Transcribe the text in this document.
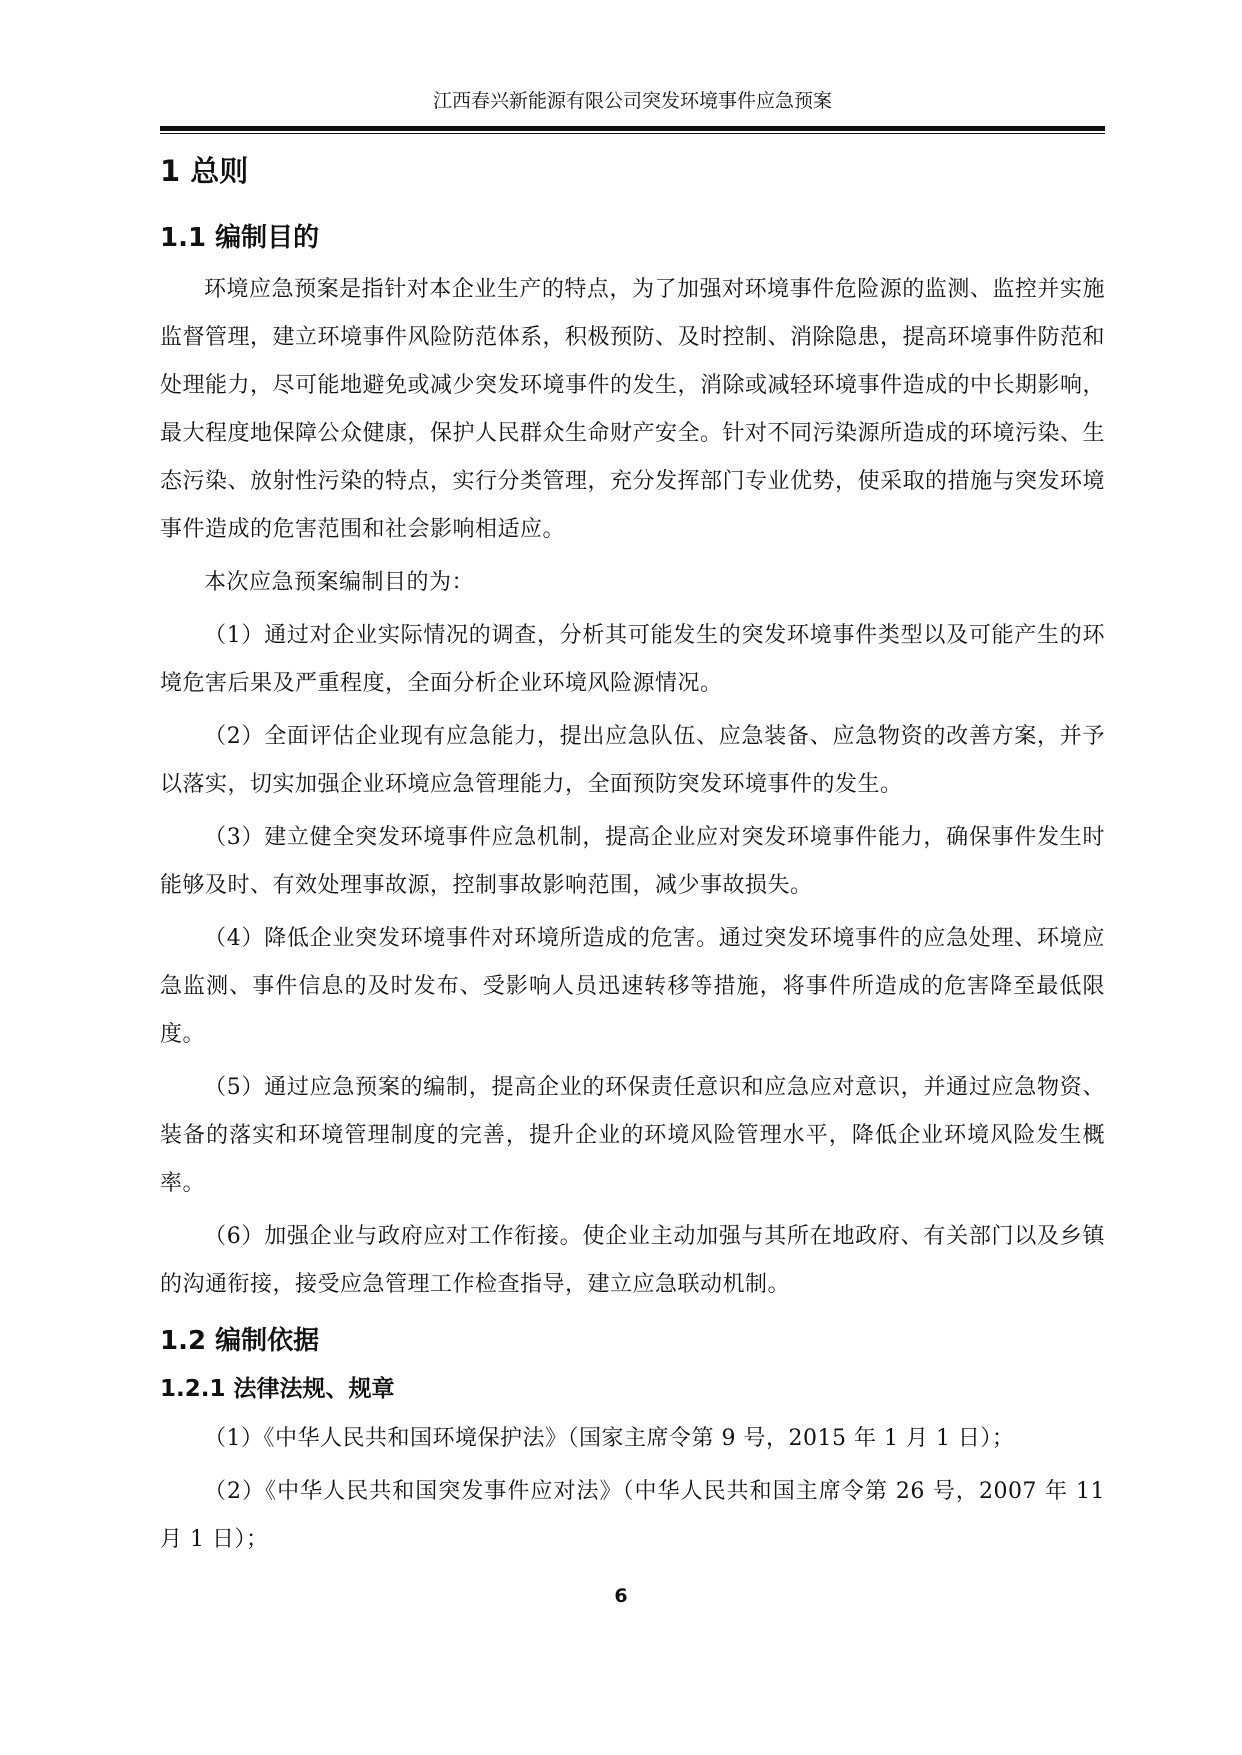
江西春兴新能源有限公司突发环境事件应急预案
1 总则
1.1 编制目的

环境应急预案是指针对本企业生产的特点，为了加强对环境事件危险源的监测、监控并实施监督管理，建立环境事件风险防范体系，积极预防、及时控制、消除隐患，提高环境事件防范和处理能力，尽可能地避免或减少突发环境事件的发生，消除或减轻环境事件造成的中长期影响，最大程度地保障公众健康，保护人民群众生命财产安全。针对不同污染源所造成的环境污染、生态污染、放射性污染的特点，实行分类管理，充分发挥部门专业优势，使采取的措施与突发环境事件造成的危害范围和社会影响相适应。

本次应急预案编制目的为：

（1）通过对企业实际情况的调查，分析其可能发生的突发环境事件类型以及可能产生的环境危害后果及严重程度，全面分析企业环境风险源情况。

（2）全面评估企业现有应急能力，提出应急队伍、应急装备、应急物资的改善方案，并予以落实，切实加强企业环境应急管理能力，全面预防突发环境事件的发生。

（3）建立健全突发环境事件应急机制，提高企业应对突发环境事件能力，确保事件发生时能够及时、有效处理事故源，控制事故影响范围，减少事故损失。

（4）降低企业突发环境事件对环境所造成的危害。通过突发环境事件的应急处理、环境应急监测、事件信息的及时发布、受影响人员迅速转移等措施，将事件所造成的危害降至最低限度。

（5）通过应急预案的编制，提高企业的环保责任意识和应急应对意识，并通过应急物资、装备的落实和环境管理制度的完善，提升企业的环境风险管理水平，降低企业环境风险发生概率。

（6）加强企业与政府应对工作衔接。使企业主动加强与其所在地政府、有关部门以及乡镇的沟通衔接，接受应急管理工作检查指导，建立应急联动机制。

1.2 编制依据
1.2.1 法律法规、规章

（1）《中华人民共和国环境保护法》（国家主席令第 9 号，2015 年 1 月 1 日）；

（2）《中华人民共和国突发事件应对法》（中华人民共和国主席令第 26 号，2007 年 11 月 1 日）；

6
